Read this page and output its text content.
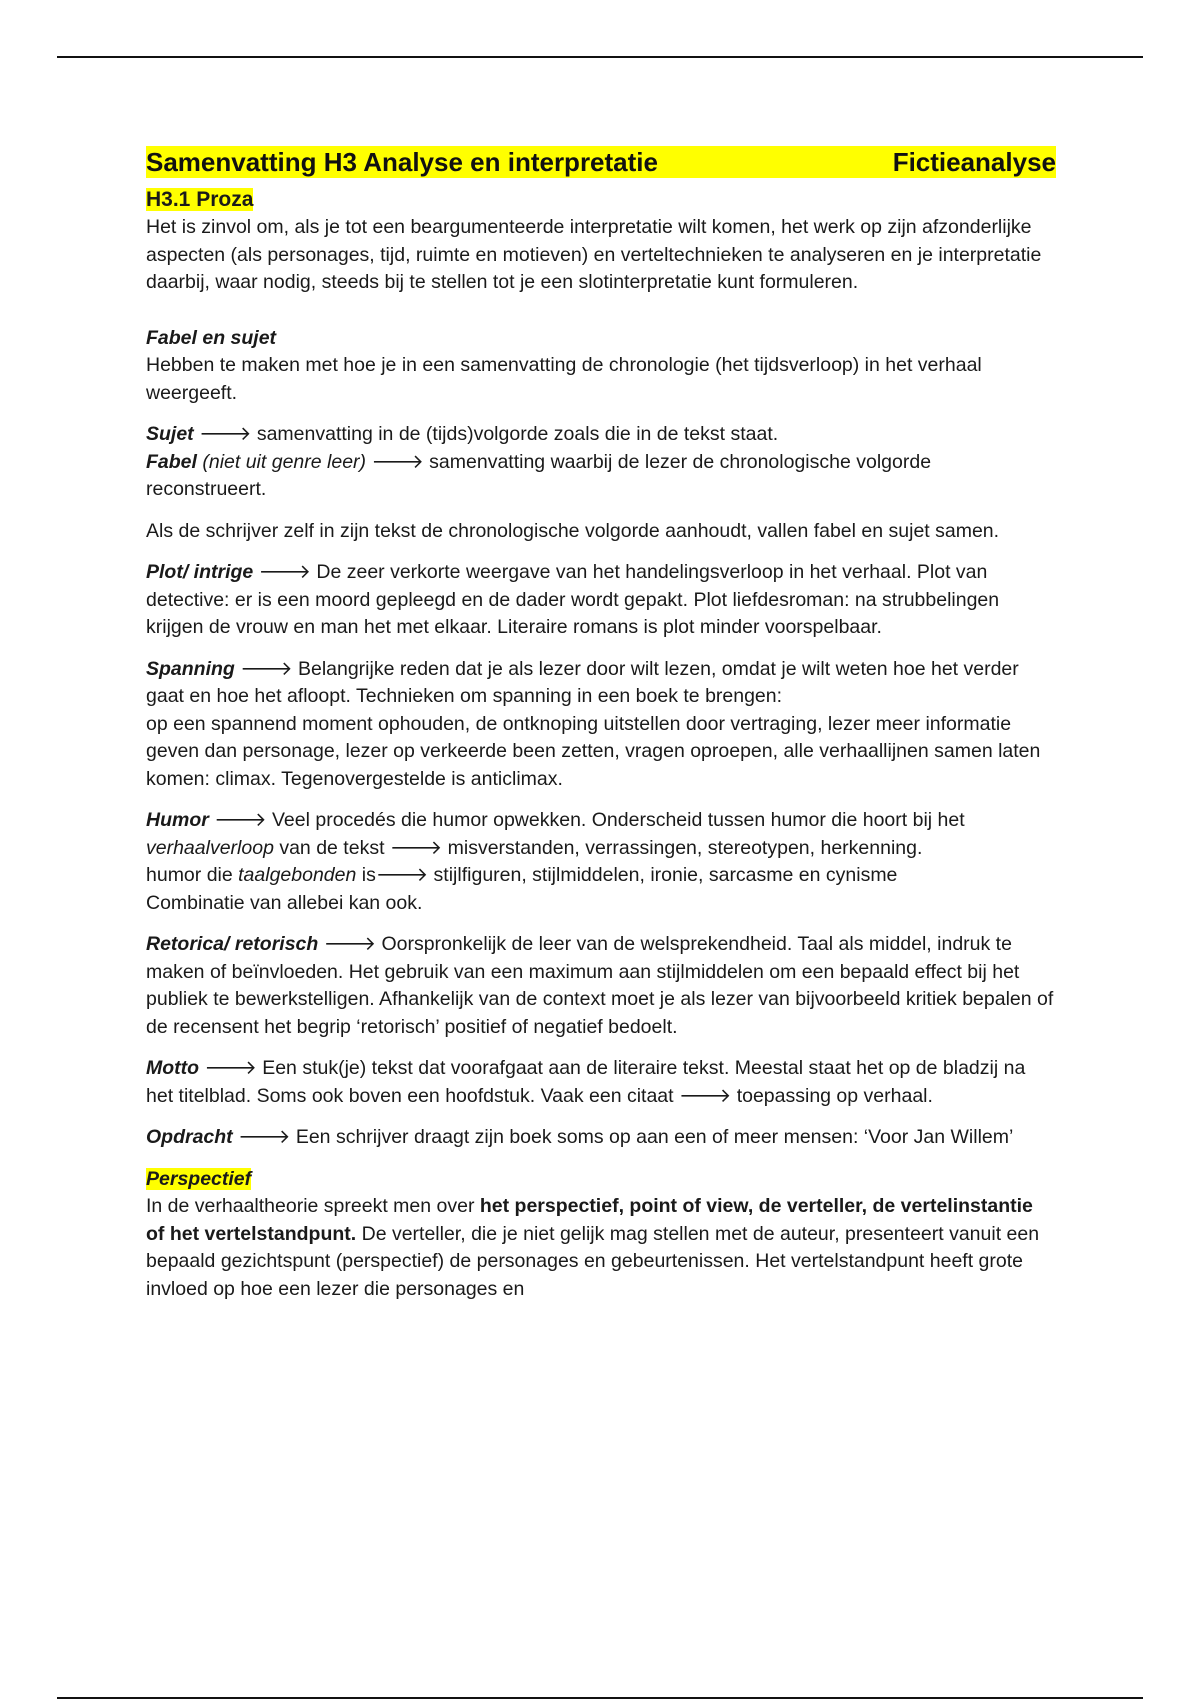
Samenvatting H3 Analyse en interpretatie	Fictieanalyse

H3.1 Proza

Het is zinvol om, als je tot een beargumenteerde interpretatie wilt komen, het werk op zijn afzonderlijke aspecten (als personages, tijd, ruimte en motieven) en verteltechnieken te analyseren en je interpretatie daarbij, waar nodig, steeds bij te stellen tot je een slotinterpretatie kunt formuleren.

Fabel en sujet

Hebben te maken met hoe je in een samenvatting de chronologie (het tijdsverloop) in het verhaal weergeeft.

Sujet 🡒 samenvatting in de (tijds)volgorde zoals die in de tekst staat.
Fabel (niet uit genre leer) 🡒 samenvatting waarbij de lezer de chronologische volgorde reconstrueert.

Als de schrijver zelf in zijn tekst de chronologische volgorde aanhoudt, vallen fabel en sujet samen.

Plot/ intrige 🡒 De zeer verkorte weergave van het handelingsverloop in het verhaal. Plot van detective: er is een moord gepleegd en de dader wordt gepakt. Plot liefdesroman: na strubbelingen krijgen de vrouw en man het met elkaar. Literaire romans is plot minder voorspelbaar.

Spanning 🡒 Belangrijke reden dat je als lezer door wilt lezen, omdat je wilt weten hoe het verder gaat en hoe het afloopt. Technieken om spanning in een boek te brengen:
op een spannend moment ophouden, de ontknoping uitstellen door vertraging, lezer meer informatie geven dan personage, lezer op verkeerde been zetten, vragen oproepen, alle verhaallijnen samen laten komen: climax. Tegenovergestelde is anticlimax.

Humor 🡒 Veel procedés die humor opwekken. Onderscheid tussen humor die hoort bij het verhaalverloop van de tekst 🡒 misverstanden, verrassingen, stereotypen, herkenning.
humor die taalgebonden is🡒 stijlfiguren, stijlmiddelen, ironie, sarcasme en cynisme
Combinatie van allebei kan ook.

Retorica/ retorisch 🡒 Oorspronkelijk de leer van de welsprekendheid. Taal als middel, indruk te maken of beïnvloeden. Het gebruik van een maximum aan stijlmiddelen om een bepaald effect bij het publiek te bewerkstelligen. Afhankelijk van de context moet je als lezer van bijvoorbeeld kritiek bepalen of de recensent het begrip ‘retorisch’ positief of negatief bedoelt.

Motto 🡒 Een stuk(je) tekst dat voorafgaat aan de literaire tekst. Meestal staat het op de bladzij na het titelblad. Soms ook boven een hoofdstuk. Vaak een citaat 🡒 toepassing op verhaal.

Opdracht 🡒 Een schrijver draagt zijn boek soms op aan een of meer mensen: ‘Voor Jan Willem’

Perspectief

In de verhaaltheorie spreekt men over het perspectief, point of view, de verteller, de vertelinstantie of het vertelstandpunt. De verteller, die je niet gelijk mag stellen met de auteur, presenteert vanuit een bepaald gezichtspunt (perspectief) de personages en gebeurtenissen. Het vertelstandpunt heeft grote invloed op hoe een lezer die personages en
